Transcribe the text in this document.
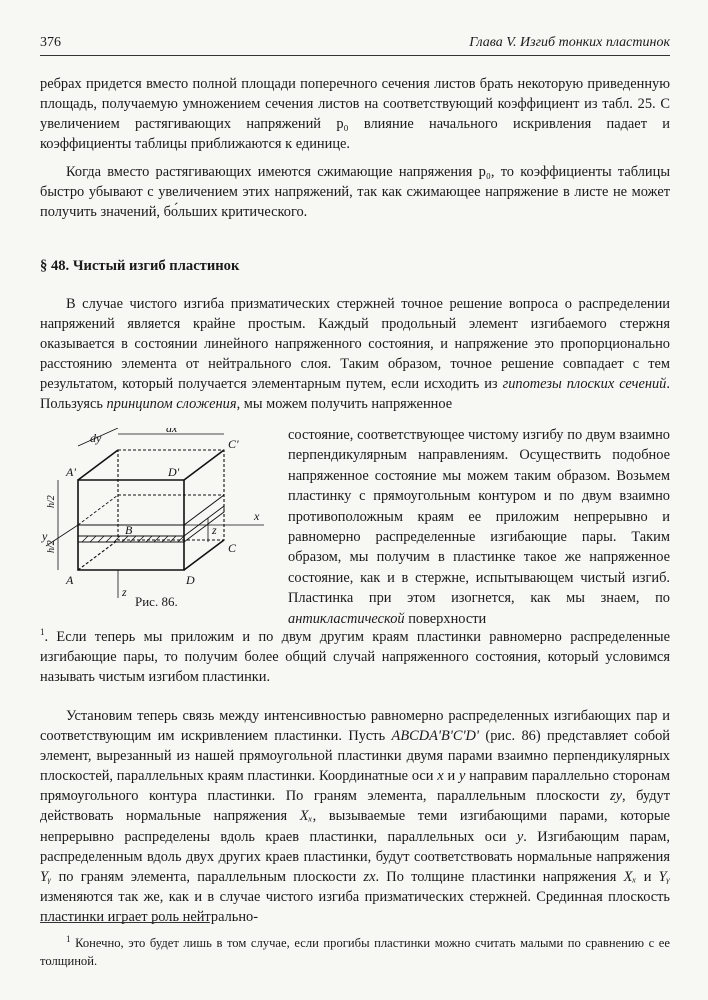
376	Глава V. Изгиб тонких пластинок
ребрах придется вместо полной площади поперечного сечения листов брать некоторую приведенную площадь, получаемую умножением сечения листов на соответствующий коэффициент из табл. 25. С увеличением растягивающих напряжений p₀ влияние начального искривления падает и коэффициенты таблицы приближаются к единице.
Когда вместо растягивающих имеются сжимающие напряжения p₀, то коэффициенты таблицы быстро убывают с увеличением этих напряжений, так как сжимающее напряжение в листе не может получить значений, бо́льших критического.
§ 48. Чистый изгиб пластинок
В случае чистого изгиба призматических стержней точное решение вопроса о распределении напряжений является крайне простым. Каждый продольный элемент изгибаемого стержня оказывается в состоянии линейного напряженного состояния, и напряжение это пропорционально расстоянию элемента от нейтрального слоя. Таким образом, точное решение совпадает с тем результатом, который получается элементарным путем, если исходить из гипотезы плоских сечений. Пользуясь принципом сложения, мы можем получить напряженное
dy
dx
A'
C'
D'
B
C
A	D
x
y
z
z
h/2
h/2
Рис. 86.
состояние, соответствующее чистому изгибу по двум взаимно перпендикулярным направлениям. Осуществить подобное напряженное состояние мы можем таким образом. Возьмем пластинку с прямоугольным контуром и по двум взаимно противоположным краям ее приложим непрерывно и равномерно распределенные изгибающие пары. Таким образом, мы получим в пластинке такое же напряженное состояние, как и в стержне, испытывающем чистый изгиб. Пластинка при этом изогнется, как мы знаем, по антикластической поверхности
$^1$. Если теперь мы приложим и по двум другим краям пластинки равномерно распределенные изгибающие пары, то получим более общий случай напряженного состояния, который условимся называть чистым изгибом пластинки.
Установим теперь связь между интенсивностью равномерно распределенных изгибающих пар и соответствующим им искривлением пластинки. Пусть ABCDA'B'C'D' (рис. 86) представляет собой элемент, вырезанный из нашей прямоугольной пластинки двумя парами взаимно перпендикулярных плоскостей, параллельных краям пластинки. Координатные оси x и y направим параллельно сторонам прямоугольного контура пластинки. По граням элемента, параллельным плоскости zy, будут действовать нормальные напряжения Xₓ, вызываемые теми изгибающими парами, которые непрерывно распределены вдоль краев пластинки, параллельных оси y. Изгибающим парам, распределенным вдоль двух других краев пластинки, будут соответствовать нормальные напряжения Yᵧ по граням элемента, параллельным плоскости zx. По толщине пластинки напряжения Xₓ и Yᵧ изменяются так же, как и в случае чистого изгиба призматических стержней. Срединная плоскость пластинки играет роль нейтрально-
$^1$ Конечно, это будет лишь в том случае, если прогибы пластинки можно считать малыми по сравнению с ее толщиной.
